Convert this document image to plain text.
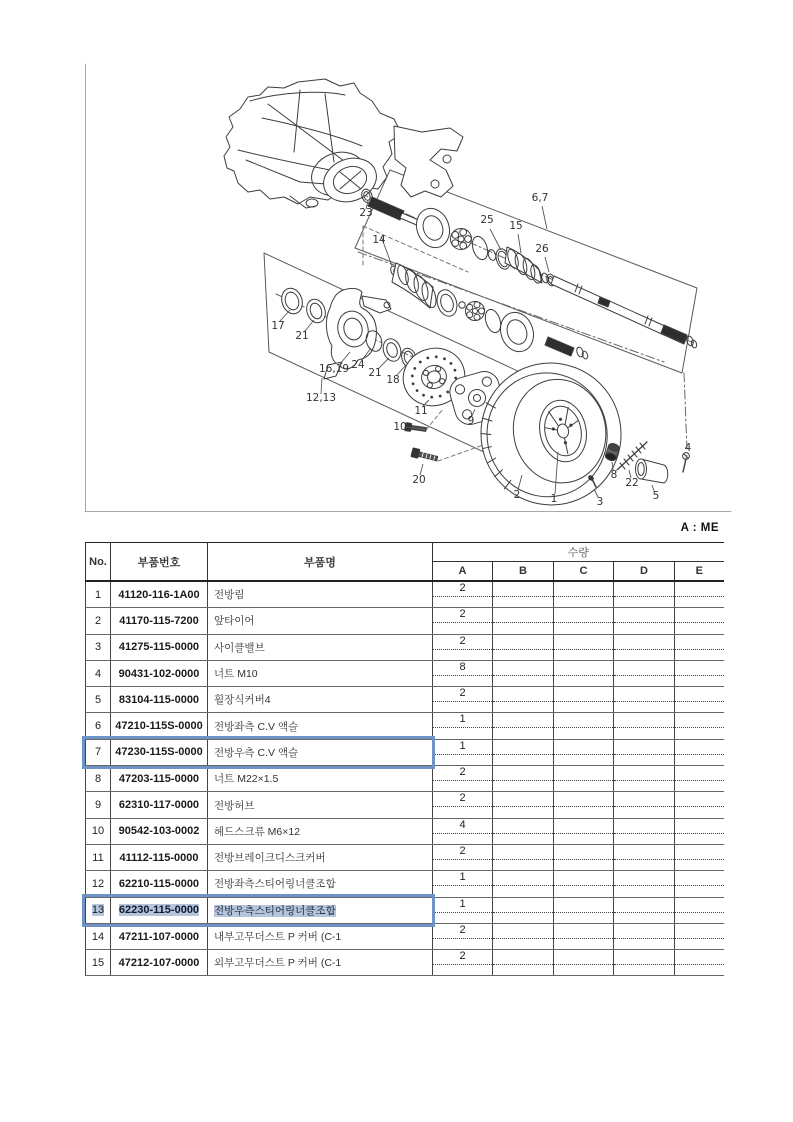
23
14
6,7
25 15
26
17
21
16,19
12,13
24
21
18
11
10	9
20
2	1	3
8
22
5
4
A : ME
No.	부품번호	부품명	수량				
			A	B	C	D	E
1	41120-116-1A00	전방림	2				

2	41170-115-7200	앞타이어	2				

3	41275-115-0000	사이클밸브	2				

4	90431-102-0000	너트 M10	8				

5	83104-115-0000	휠장식커버4	2				

6	47210-115S-0000	전방좌측 C.V 액슬	1				

7	47230-115S-0000	전방우측 C.V 액슬	1				

8	47203-115-0000	너트 M22×1.5	2				

9	62310-117-0000	전방허브	2				

10	90542-103-0002	헤드스크류 M6×12	4				

11	41112-115-0000	전방브레이크디스크커버	2				

12	62210-115-0000	전방좌측스티어링너클조합	1				

13	62230-115-0000	전방우측스티어링너클조합	1				

14	47211-107-0000	내부고무더스트 P 커버 (C-1	2				

15	47212-107-0000	외부고무더스트 P 커버 (C-1	2				
